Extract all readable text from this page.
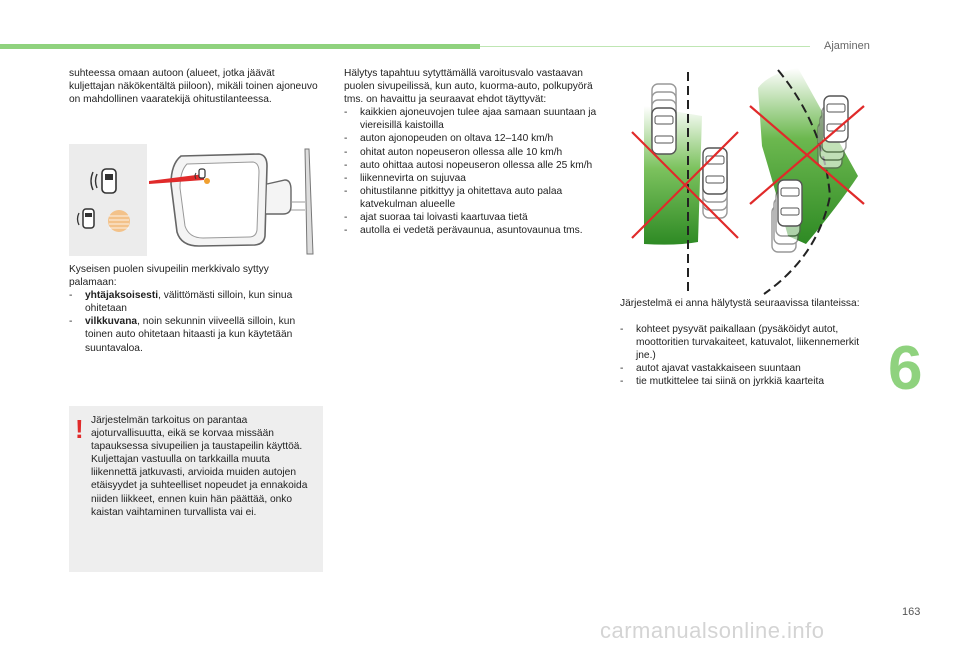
Ajaminen
6
163
carmanualsonline.info
suhteessa omaan autoon (alueet, jotka jäävät kuljettajan näkökentältä piiloon), mikäli toinen ajoneuvo on mahdollinen vaaratekijä ohitustilanteessa.

Kyseisen puolen sivupeilin merkkivalo syttyy palamaan:

-	yhtäjaksoisesti, välittömästi silloin, kun sinua ohitetaan
-	vilkkuvana, noin sekunnin viiveellä silloin, kun toinen auto ohitetaan hitaasti ja kun käytetään suuntavaloa.
! Järjestelmän tarkoitus on parantaa ajoturvallisuutta, eikä se korvaa missään tapauksessa sivupeilien ja taustapeilin käyttöä. Kuljettajan vastuulla on tarkkailla muuta liikennettä jatkuvasti, arvioida muiden autojen etäisyydet ja suhteelliset nopeudet ja ennakoida niiden liikkeet, ennen kuin hän päättää, onko kaistan vaihtaminen turvallista vai ei.

Hälytys tapahtuu sytyttämällä varoitusvalo vastaavan puolen sivupeilissä, kun auto, kuorma-auto, polkupyörä tms. on havaittu ja seuraavat ehdot täyttyvät:

-	kaikkien ajoneuvojen tulee ajaa samaan suuntaan ja viereisillä kaistoilla
-	auton ajonopeuden on oltava 12–140 km/h
-	ohitat auton nopeuseron ollessa alle 10 km/h
-	auto ohittaa autosi nopeuseron ollessa alle 25 km/h
-	liikennevirta on sujuvaa
-	ohitustilanne pitkittyy ja ohitettava auto palaa katvekulman alueelle
-	ajat suoraa tai loivasti kaartuvaa tietä
-	autolla ei vedetä perävaunua, asuntovaunua tms.

Järjestelmä ei anna hälytystä seuraavissa tilanteissa:

-	kohteet pysyvät paikallaan (pysäköidyt autot, moottoritien turvakaiteet, katuvalot, liikennemerkit jne.)
-	autot ajavat vastakkaiseen suuntaan
-	tie mutkittelee tai siinä on jyrkkiä kaarteita
